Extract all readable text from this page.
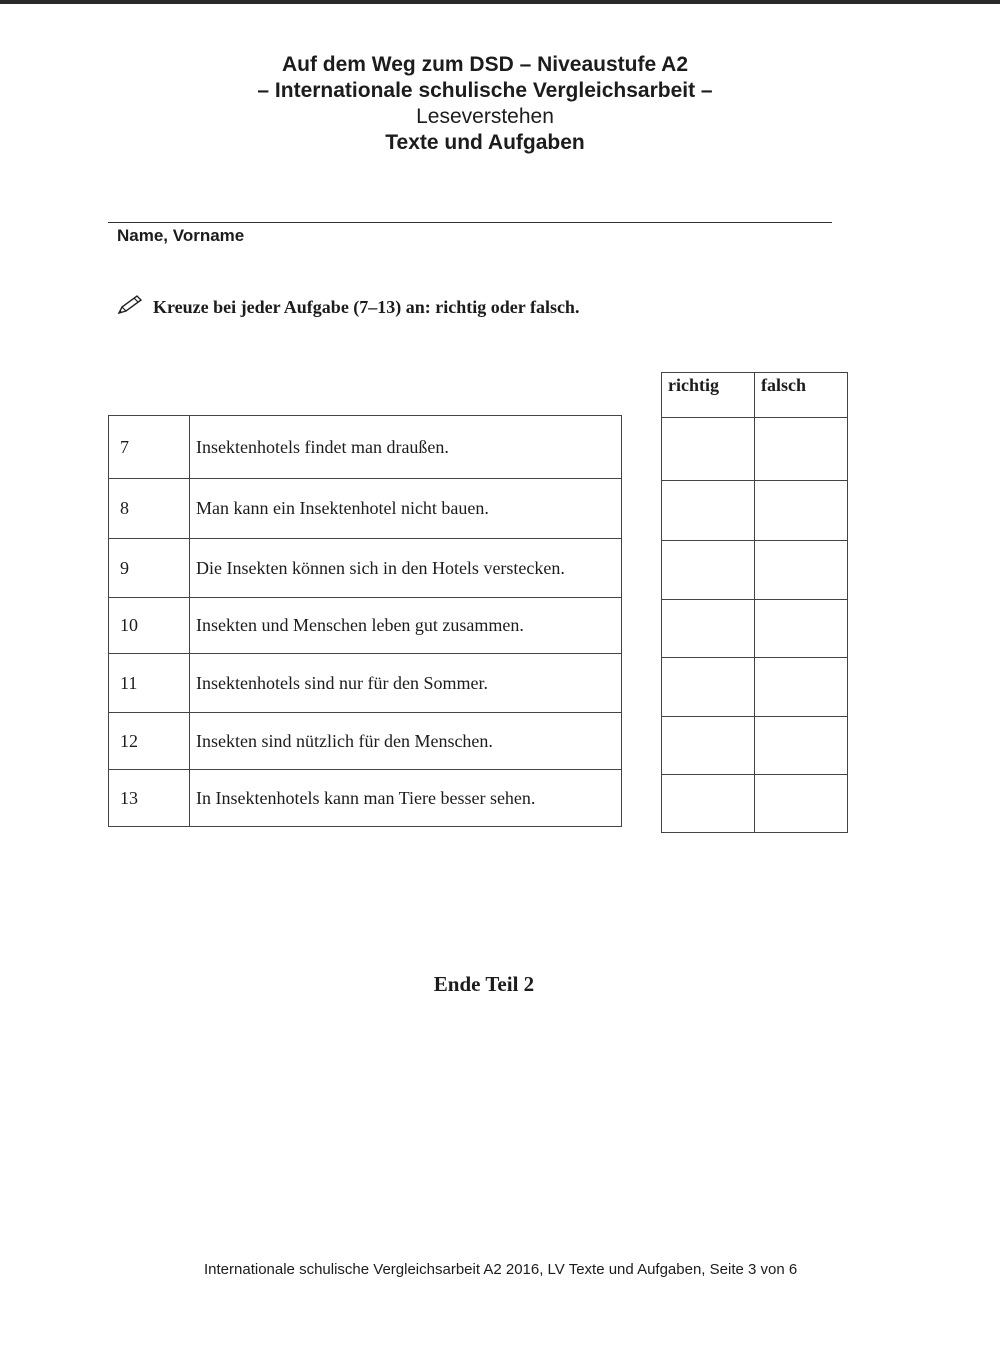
Auf dem Weg zum DSD – Niveaustufe A2
– Internationale schulische Vergleichsarbeit –
Leseverstehen
Texte und Aufgaben
Name, Vorname
Kreuze bei jeder Aufgabe (7–13) an: richtig oder falsch.
7	Insektenhotels findet man draußen.
8	Man kann ein Insektenhotel nicht bauen.
9	Die Insekten können sich in den Hotels verstecken.
10	Insekten und Menschen leben gut zusammen.
11	Insektenhotels sind nur für den Sommer.
12	Insekten sind nützlich für den Menschen.
13	In Insektenhotels kann man Tiere besser sehen.
richtig	falsch

Ende Teil 2
Internationale schulische Vergleichsarbeit A2 2016, LV Texte und Aufgaben, Seite 3 von 6
